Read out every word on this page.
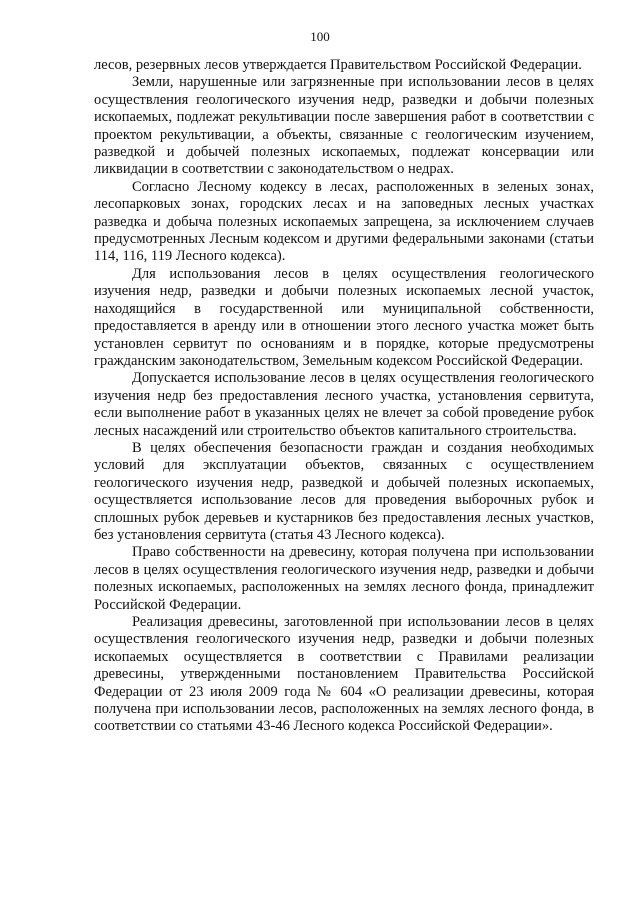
100

лесов, резервных лесов утверждается Правительством Российской Федерации.

Земли, нарушенные или загрязненные при использовании лесов в целях осуществления геологического изучения недр, разведки и добычи полезных ископаемых, подлежат рекультивации после завершения работ в соответствии с проектом рекультивации, а объекты, связанные с геологическим изучением, разведкой и добычей полезных ископаемых, подлежат консервации или ликвидации в соответствии с законодательством о недрах.

Согласно Лесному кодексу в лесах, расположенных в зеленых зонах, лесопарковых зонах, городских лесах и на заповедных лесных участках разведка и добыча полезных ископаемых запрещена, за исключением случаев предусмотренных Лесным кодексом и другими федеральными законами (статьи 114, 116, 119 Лесного кодекса).

Для использования лесов в целях осуществления геологического изучения недр, разведки и добычи полезных ископаемых лесной участок, находящийся в государственной или муниципальной собственности, предоставляется в аренду или в отношении этого лесного участка может быть установлен сервитут по основаниям и в порядке, которые предусмотрены гражданским законодательством, Земельным кодексом Российской Федерации.

Допускается использование лесов в целях осуществления геологического изучения недр без предоставления лесного участка, установления сервитута, если выполнение работ в указанных целях не влечет за собой проведение рубок лесных насаждений или строительство объектов капитального строительства.

В целях обеспечения безопасности граждан и создания необходимых условий для эксплуатации объектов, связанных с осуществлением геологического изучения недр, разведкой и добычей полезных ископаемых, осуществляется использование лесов для проведения выборочных рубок и сплошных рубок деревьев и кустарников без предоставления лесных участков, без установления сервитута (статья 43 Лесного кодекса).

Право собственности на древесину, которая получена при использовании лесов в целях осуществления геологического изучения недр, разведки и добычи полезных ископаемых, расположенных на землях лесного фонда, принадлежит Российской Федерации.

Реализация древесины, заготовленной при использовании лесов в целях осуществления геологического изучения недр, разведки и добычи полезных ископаемых осуществляется в соответствии с Правилами реализации древесины, утвержденными постановлением Правительства Российской Федерации от 23 июля 2009 года № 604 «О реализации древесины, которая получена при использовании лесов, расположенных на землях лесного фонда, в соответствии со статьями 43-46 Лесного кодекса Российской Федерации».
